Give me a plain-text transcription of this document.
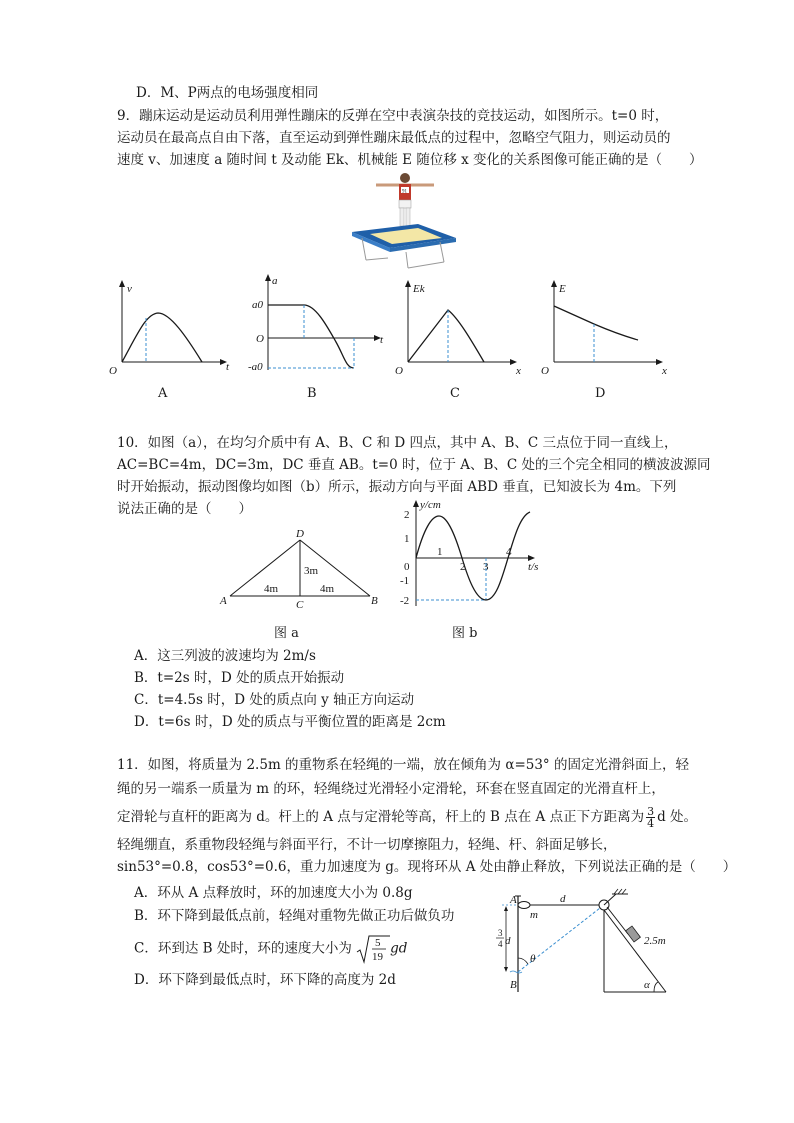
D．M、P两点的电场强度相同
9．蹦床运动是运动员利用弹性蹦床的反弹在空中表演杂技的竞技运动，如图所示。t=0 时，
运动员在最高点自由下落，直至运动到弹性蹦床最低点的过程中，忽略空气阻力，则运动员的
速度 v、加速度 a 随时间 t 及动能 Ek、机械能 E 随位移 x 变化的关系图像可能正确的是（　　）
91
v
t
O
A
a
t
O
a0
-a0
B
Ek
x
O
C
E
x
O
D
10．如图（a），在均匀介质中有 A、B、C 和 D 四点，其中 A、B、C 三点位于同一直线上，
AC=BC=4m，DC=3m，DC 垂直 AB。t=0 时，位于 A、B、C 处的三个完全相同的横波波源同
时开始振动，振动图像均如图（b）所示，振动方向与平面 ABD 垂直，已知波长为 4m。下列
说法正确的是（　　）
D
A	C	B
3m
4m	4m
图 a
y/cm
t/s
2
1
0
-1
-2
1
2 3
4
图 b
A．这三列波的波速均为 2m/s
B．t=2s 时，D 处的质点开始振动
C．t=4.5s 时，D 处的质点向 y 轴正方向运动
D．t=6s 时，D 处的质点与平衡位置的距离是 2cm
11．如图，将质量为 2.5m 的重物系在轻绳的一端，放在倾角为 α=53° 的固定光滑斜面上，轻
绳的另一端系一质量为 m 的环，轻绳绕过光滑轻小定滑轮，环套在竖直固定的光滑直杆上，
定滑轮与直杆的距离为 d。杆上的 A 点与定滑轮等高，杆上的 B 点在 A 点正下方距离为 $\frac{3}{4}$ d 处。
轻绳绷直，系重物段轻绳与斜面平行，不计一切摩擦阻力，轻绳、杆、斜面足够长，
sin53°=0.8，cos53°=0.6，重力加速度为 g。现将环从 A 处由静止释放，下列说法正确的是（　　）
A．环从 A 点释放时，环的加速度大小为 0.8g
B．环下降到最低点前，轻绳对重物先做正功后做负功
C．环到达 B 处时，环的速度大小为 5
19
gd
D．环下降到最低点时，环下降的高度为 2d
A
B
m
d
3
4 d
θ
2.5m
α
